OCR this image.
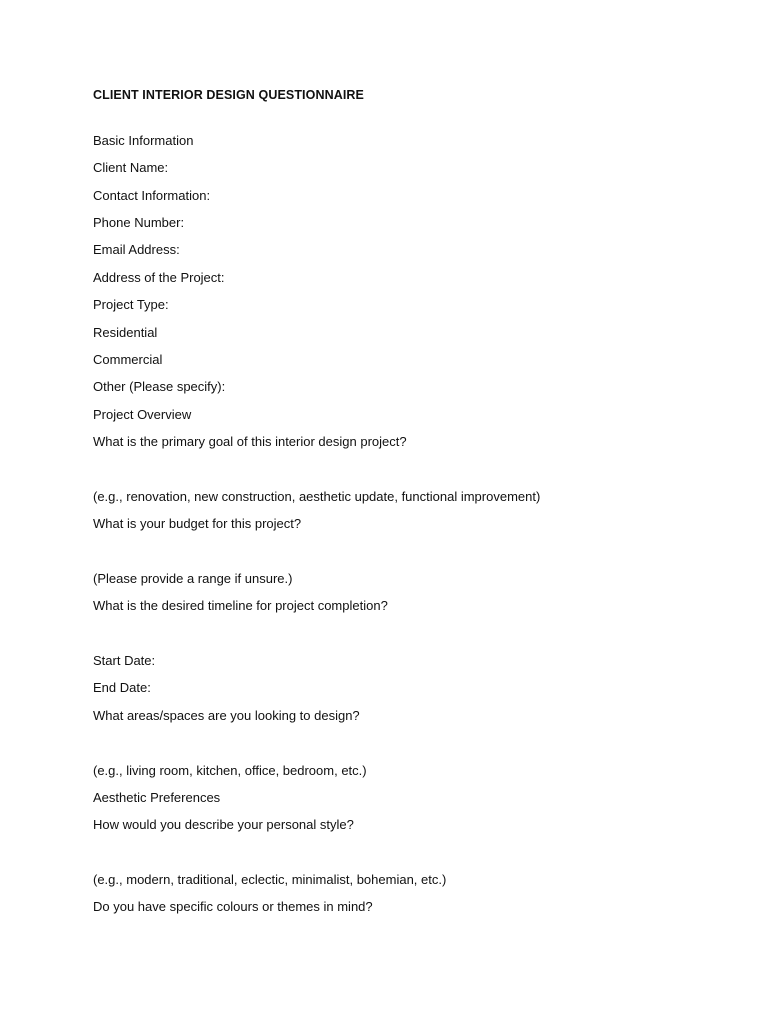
CLIENT INTERIOR DESIGN QUESTIONNAIRE
Basic Information
Client Name:
Contact Information:
Phone Number:
Email Address:
Address of the Project:
Project Type:
Residential
Commercial
Other (Please specify):
Project Overview
What is the primary goal of this interior design project?
(e.g., renovation, new construction, aesthetic update, functional improvement)
What is your budget for this project?
(Please provide a range if unsure.)
What is the desired timeline for project completion?
Start Date:
End Date:
What areas/spaces are you looking to design?
(e.g., living room, kitchen, office, bedroom, etc.)
Aesthetic Preferences
How would you describe your personal style?
(e.g., modern, traditional, eclectic, minimalist, bohemian, etc.)
Do you have specific colours or themes in mind?
